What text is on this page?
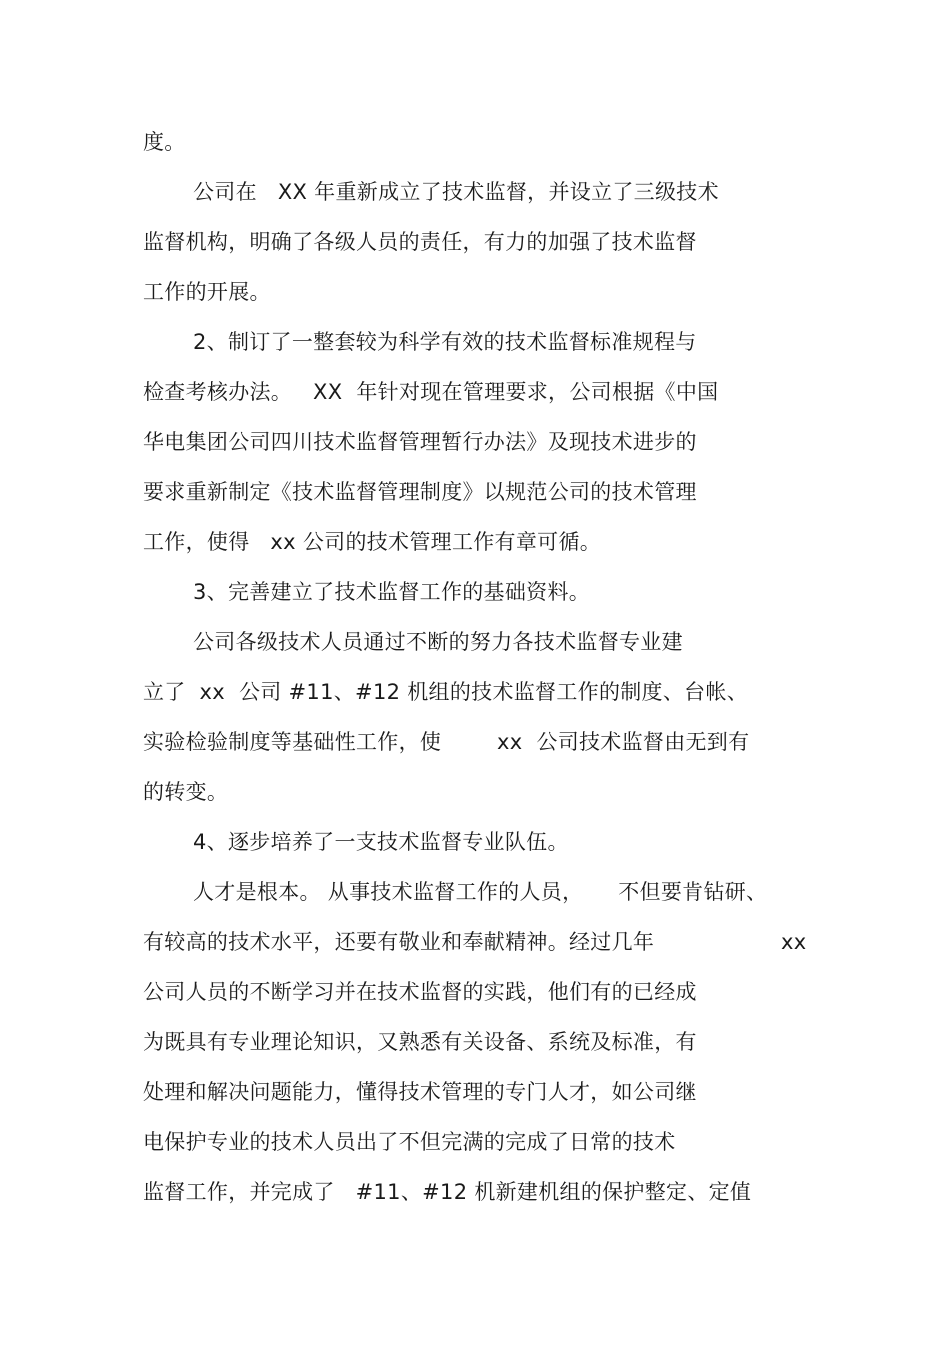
度。
公司在   XX 年重新成立了技术监督，并设立了三级技术
监督机构，明确了各级人员的责任，有力的加强了技术监督
工作的开展。
2、制订了一整套较为科学有效的技术监督标准规程与
检查考核办法。   XX  年针对现在管理要求，公司根据《中国
华电集团公司四川技术监督管理暂行办法》及现技术进步的
要求重新制定《技术监督管理制度》以规范公司的技术管理
工作，使得   xx 公司的技术管理工作有章可循。
3、完善建立了技术监督工作的基础资料。
公司各级技术人员通过不断的努力各技术监督专业建
立了  xx  公司 #11、#12 机组的技术监督工作的制度、台帐、
实验检验制度等基础性工作，使        xx  公司技术监督由无到有
的转变。
4、逐步培养了一支技术监督专业队伍。
人才是根本。 从事技术监督工作的人员，     不但要肯钻研、
有较高的技术水平，还要有敬业和奉献精神。经过几年	xx
公司人员的不断学习并在技术监督的实践，他们有的已经成
为既具有专业理论知识，又熟悉有关设备、系统及标准，有
处理和解决问题能力，懂得技术管理的专门人才，如公司继
电保护专业的技术人员出了不但完满的完成了日常的技术
监督工作，并完成了   #11、#12 机新建机组的保护整定、定值
